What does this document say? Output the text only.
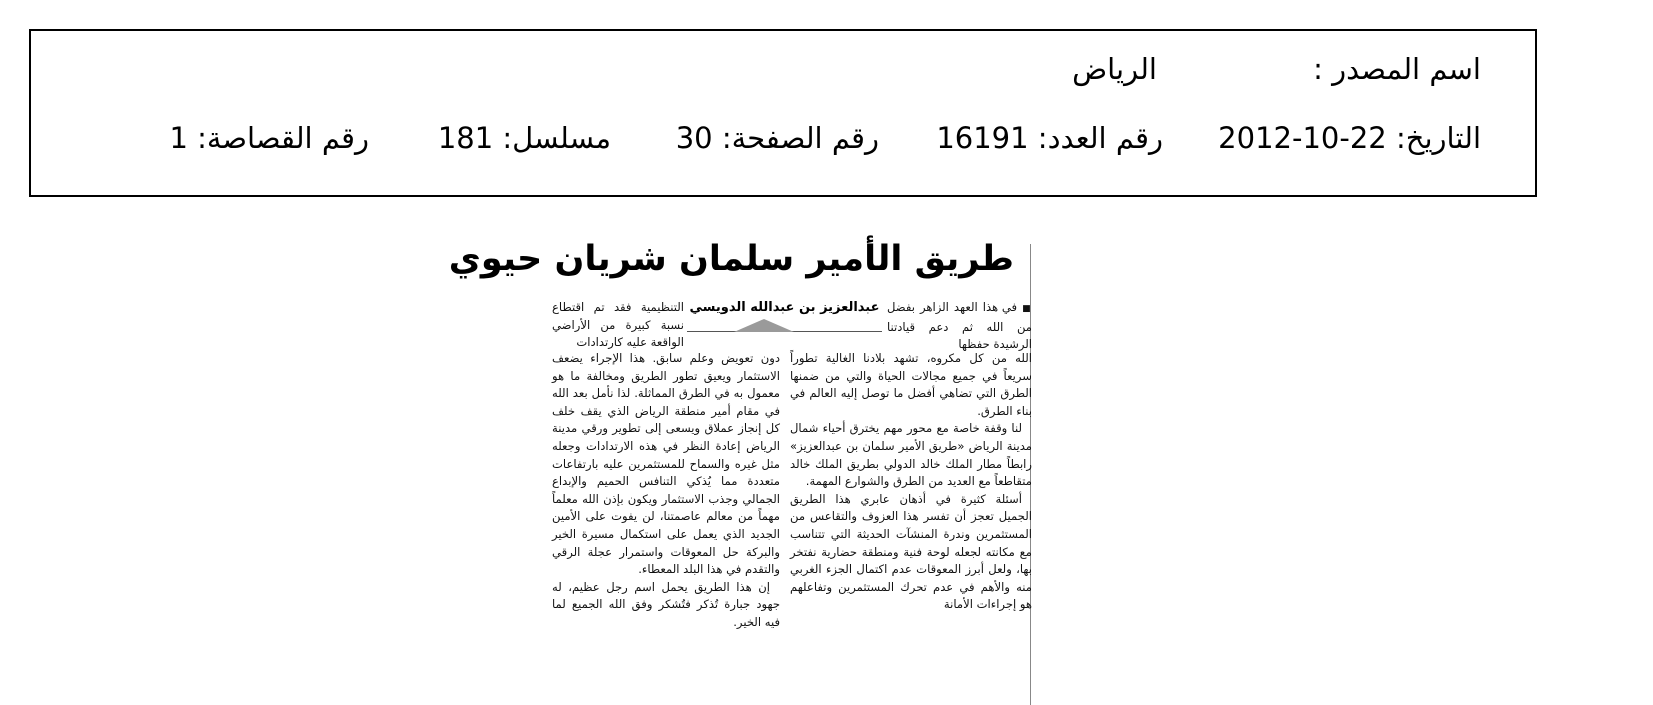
اسم المصدر :
الرياض
التاريخ: 22-10-2012
رقم العدد: 16191
رقم الصفحة: 30
مسلسل: 181
رقم القصاصة: 1
طريق الأمير سلمان شريان حيوي

■ في هذا العهد الزاهر بفضل من الله ثم دعم قيادتنا الرشيدة حفظها

عبدالعزيز بن عبدالله الدويسي

التنظيمية فقد تم اقتطاع نسبة كبيرة من الأراضي الواقعة عليه كارتدادات

الله من كل مكروه، تشهد بلادنا الغالية تطوراً سريعاً في جميع مجالات الحياة والتي من ضمنها الطرق التي تضاهي أفضل ما توصل إليه العالم في بناء الطرق.

لنا وقفة خاصة مع محور مهم يخترق أحياء شمال مدينة الرياض «طريق الأمير سلمان بن عبدالعزيز» رابطاً مطار الملك خالد الدولي بطريق الملك خالد متقاطعاً مع العديد من الطرق والشوارع المهمة.

أسئلة كثيرة في أذهان عابري هذا الطريق الجميل تعجز أن تفسر هذا العزوف والتقاعس من المستثمرين وندرة المنشآت الحديثة التي تتناسب مع مكانته لجعله لوحة فنية ومنطقة حضارية نفتخر بها، ولعل أبرز المعوقات عدم اكتمال الجزء الغربي منه والأهم في عدم تحرك المستثمرين وتفاعلهم هو إجراءات الأمانة

دون تعويض وعلم سابق. هذا الإجراء يضعف الاستثمار ويعيق تطور الطريق ومخالفة ما هو معمول به في الطرق المماثلة. لذا نأمل بعد الله في مقام أمير منطقة الرياض الذي يقف خلف كل إنجاز عملاق ويسعى إلى تطوير ورقي مدينة الرياض إعادة النظر في هذه الارتدادات وجعله مثل غيره والسماح للمستثمرين عليه بارتفاعات متعددة مما يُذكي التنافس الحميم والإبداع الجمالي وجذب الاستثمار ويكون بإذن الله معلماً مهماً من معالم عاصمتنا، لن يفوت على الأمين الجديد الذي يعمل على استكمال مسيرة الخير والبركة حل المعوقات واستمرار عجلة الرقي والتقدم في هذا البلد المعطاء.

إن هذا الطريق يحمل اسم رجل عظيم، له جهود جبارة تُذكر فتُشكر وفق الله الجميع لما فيه الخير.
